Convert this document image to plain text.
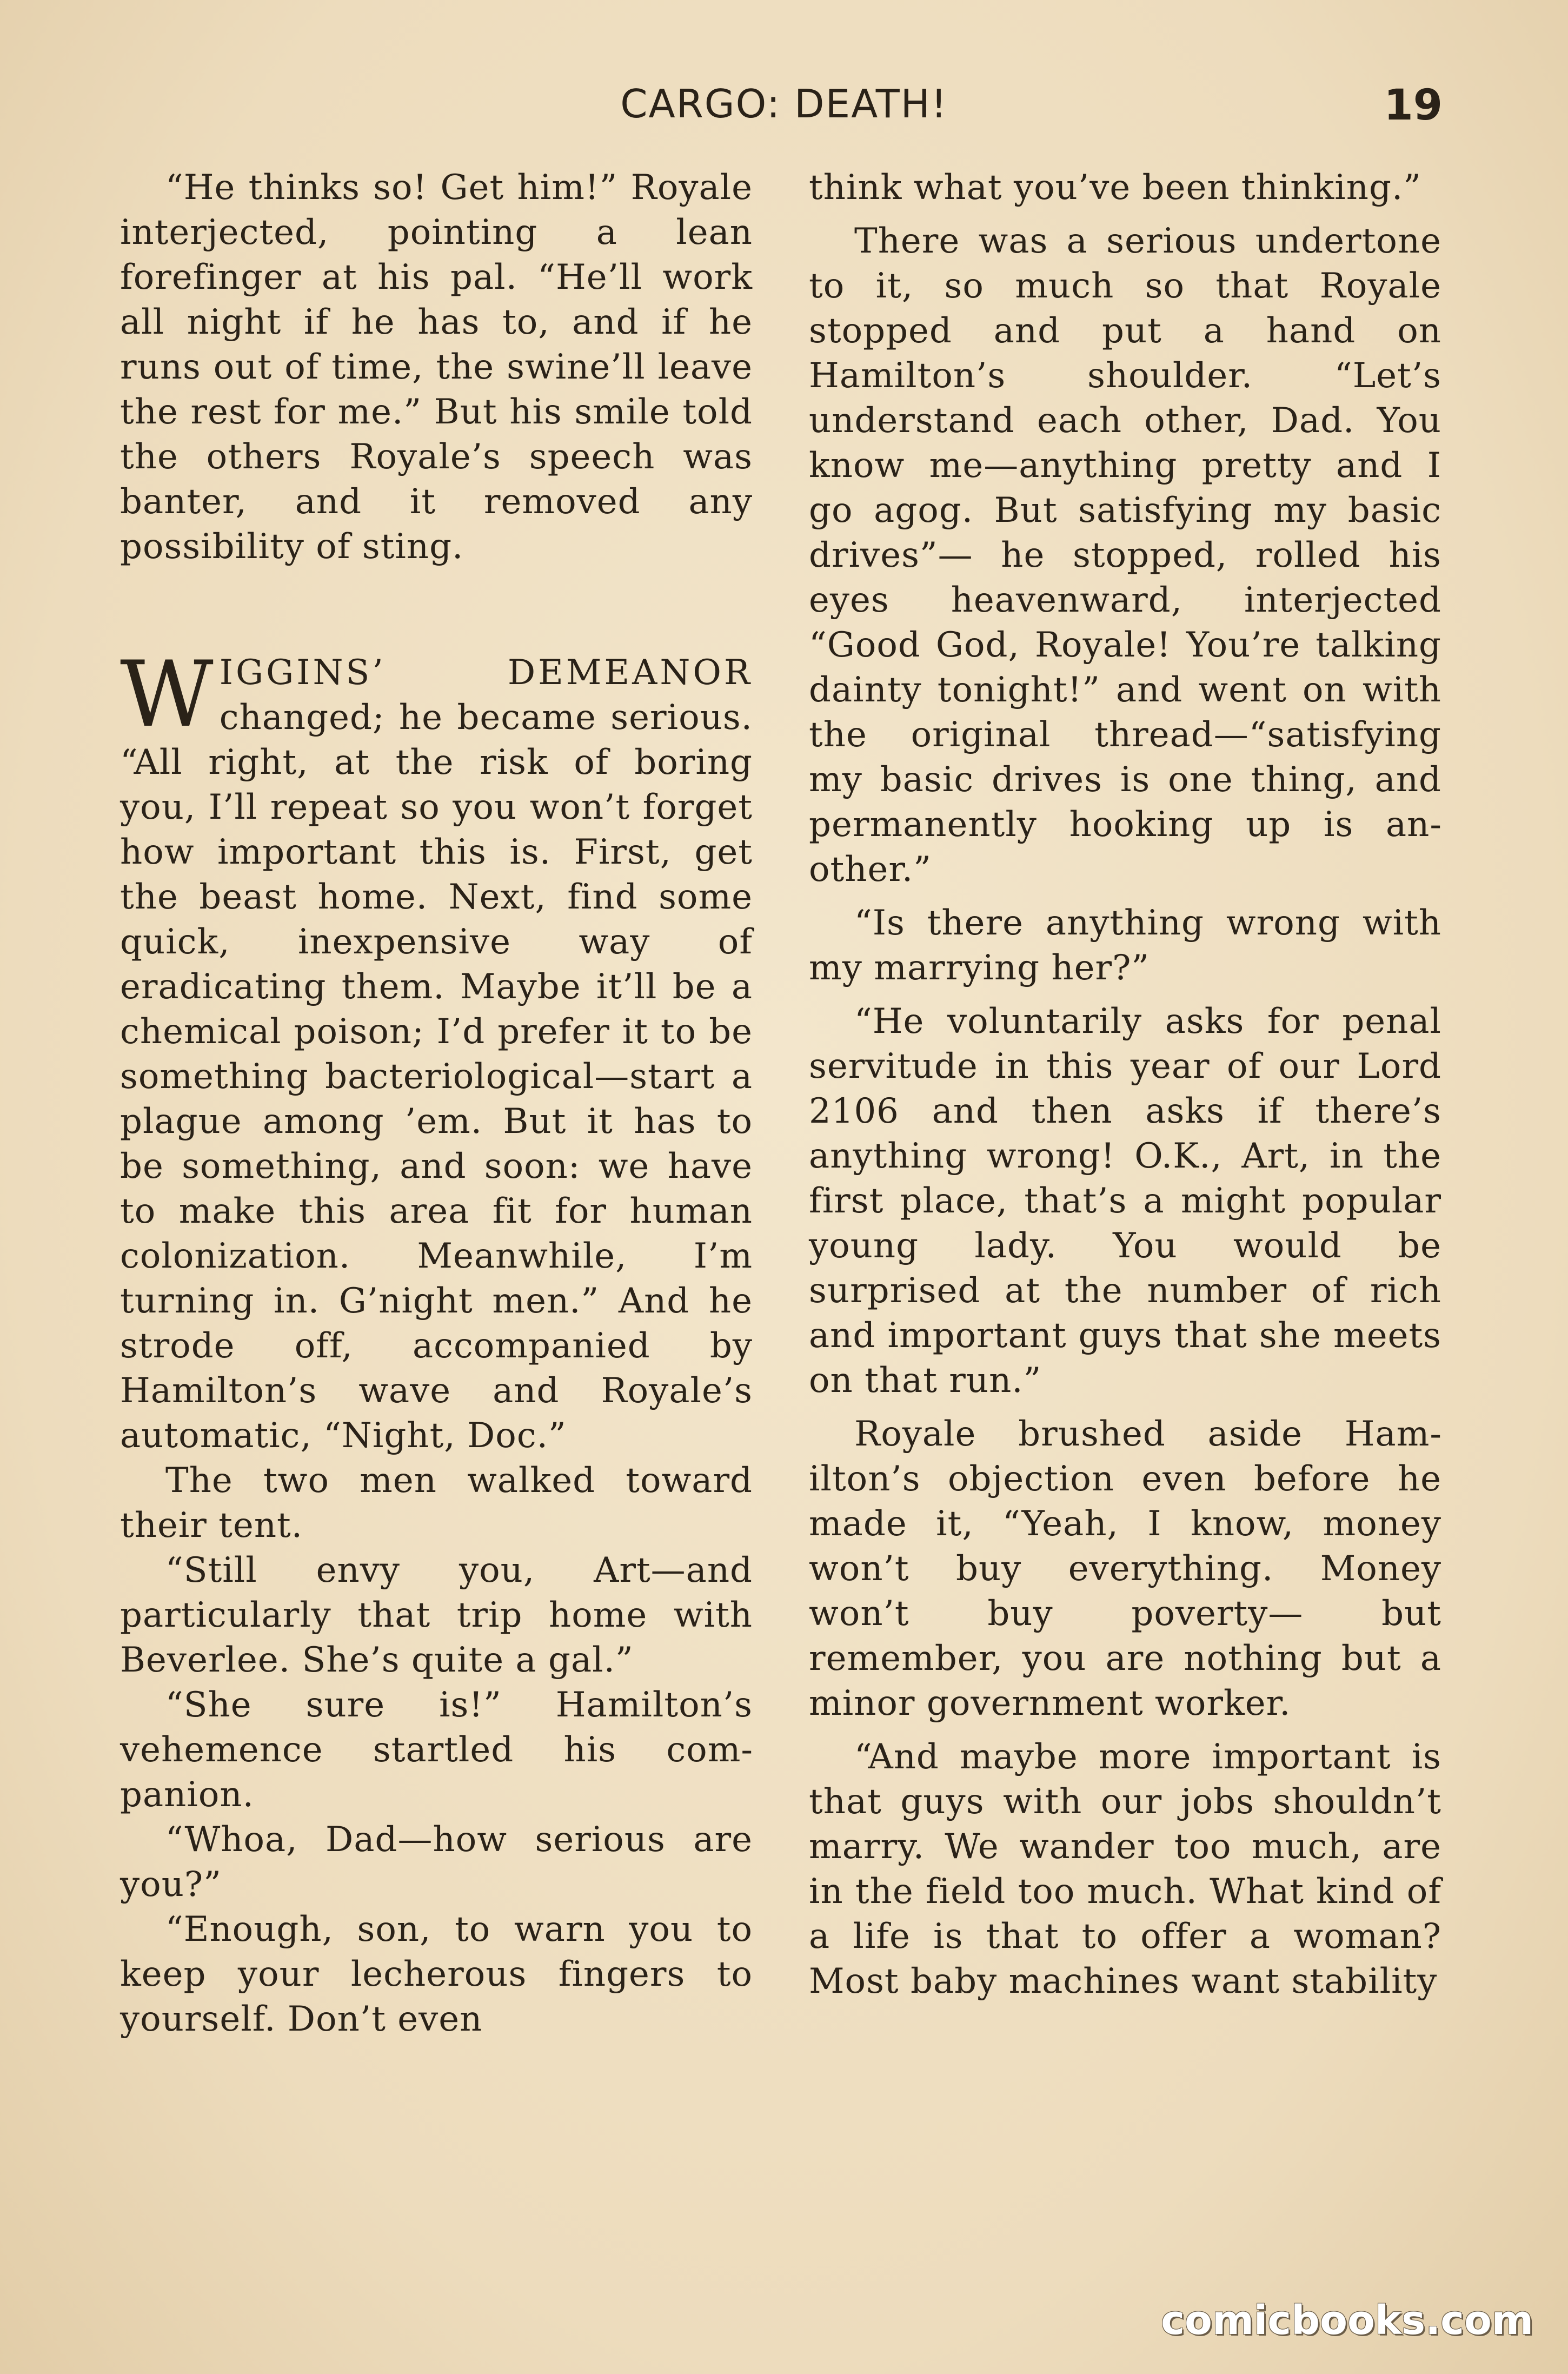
CARGO: DEATH!	19

“He thinks so! Get him!” Royale interjected, pointing a lean forefinger at his pal. “He’ll work all night if he has to, and if he runs out of time, the swine’ll leave the rest for me.” But his smile told the others Royale’s speech was banter, and it removed any possibility of sting.

WIGGINS’ DEMEANOR changed; he became serious. “All right, at the risk of boring you, I’ll repeat so you won’t forget how important this is. First, get the beast home. Next, find some quick, inexpensive way of eradicating them. Maybe it’ll be a chemical poison; I’d prefer it to be something bacteriological—start a plague among ’em. But it has to be something, and soon: we have to make this area fit for human colonization. Meanwhile, I’m turning in. G’night men.” And he strode off, accompanied by Hamilton’s wave and Royale’s automatic, “Night, Doc.”

The two men walked toward their tent.

“Still envy you, Art—and particularly that trip home with Beverlee. She’s quite a gal.”

“She sure is!” Hamilton’s vehemence startled his companion.

“Whoa, Dad—how serious are you?”

“Enough, son, to warn you to keep your lecherous fingers to yourself. Don’t even

think what you’ve been thinking.”

There was a serious undertone to it, so much so that Royale stopped and put a hand on Hamilton’s shoulder. “Let’s understand each other, Dad. You know me—anything pretty and I go agog. But satisfying my basic drives”— he stopped, rolled his eyes heavenward, interjected “Good God, Royale! You’re talking dainty tonight!” and went on with the original thread—“satisfying my basic drives is one thing, and permanently hooking up is another.”

“Is there anything wrong with my marrying her?”

“He voluntarily asks for penal servitude in this year of our Lord 2106 and then asks if there’s anything wrong! O.K., Art, in the first place, that’s a might popular young lady. You would be surprised at the number of rich and important guys that she meets on that run.”

Royale brushed aside Hamilton’s objection even before he made it, “Yeah, I know, money won’t buy everything. Money won’t buy poverty— but remember, you are nothing but a minor government worker.

“And maybe more important is that guys with our jobs shouldn’t marry. We wander too much, are in the field too much. What kind of a life is that to offer a woman? Most baby machines want stability

comicbooks.com
